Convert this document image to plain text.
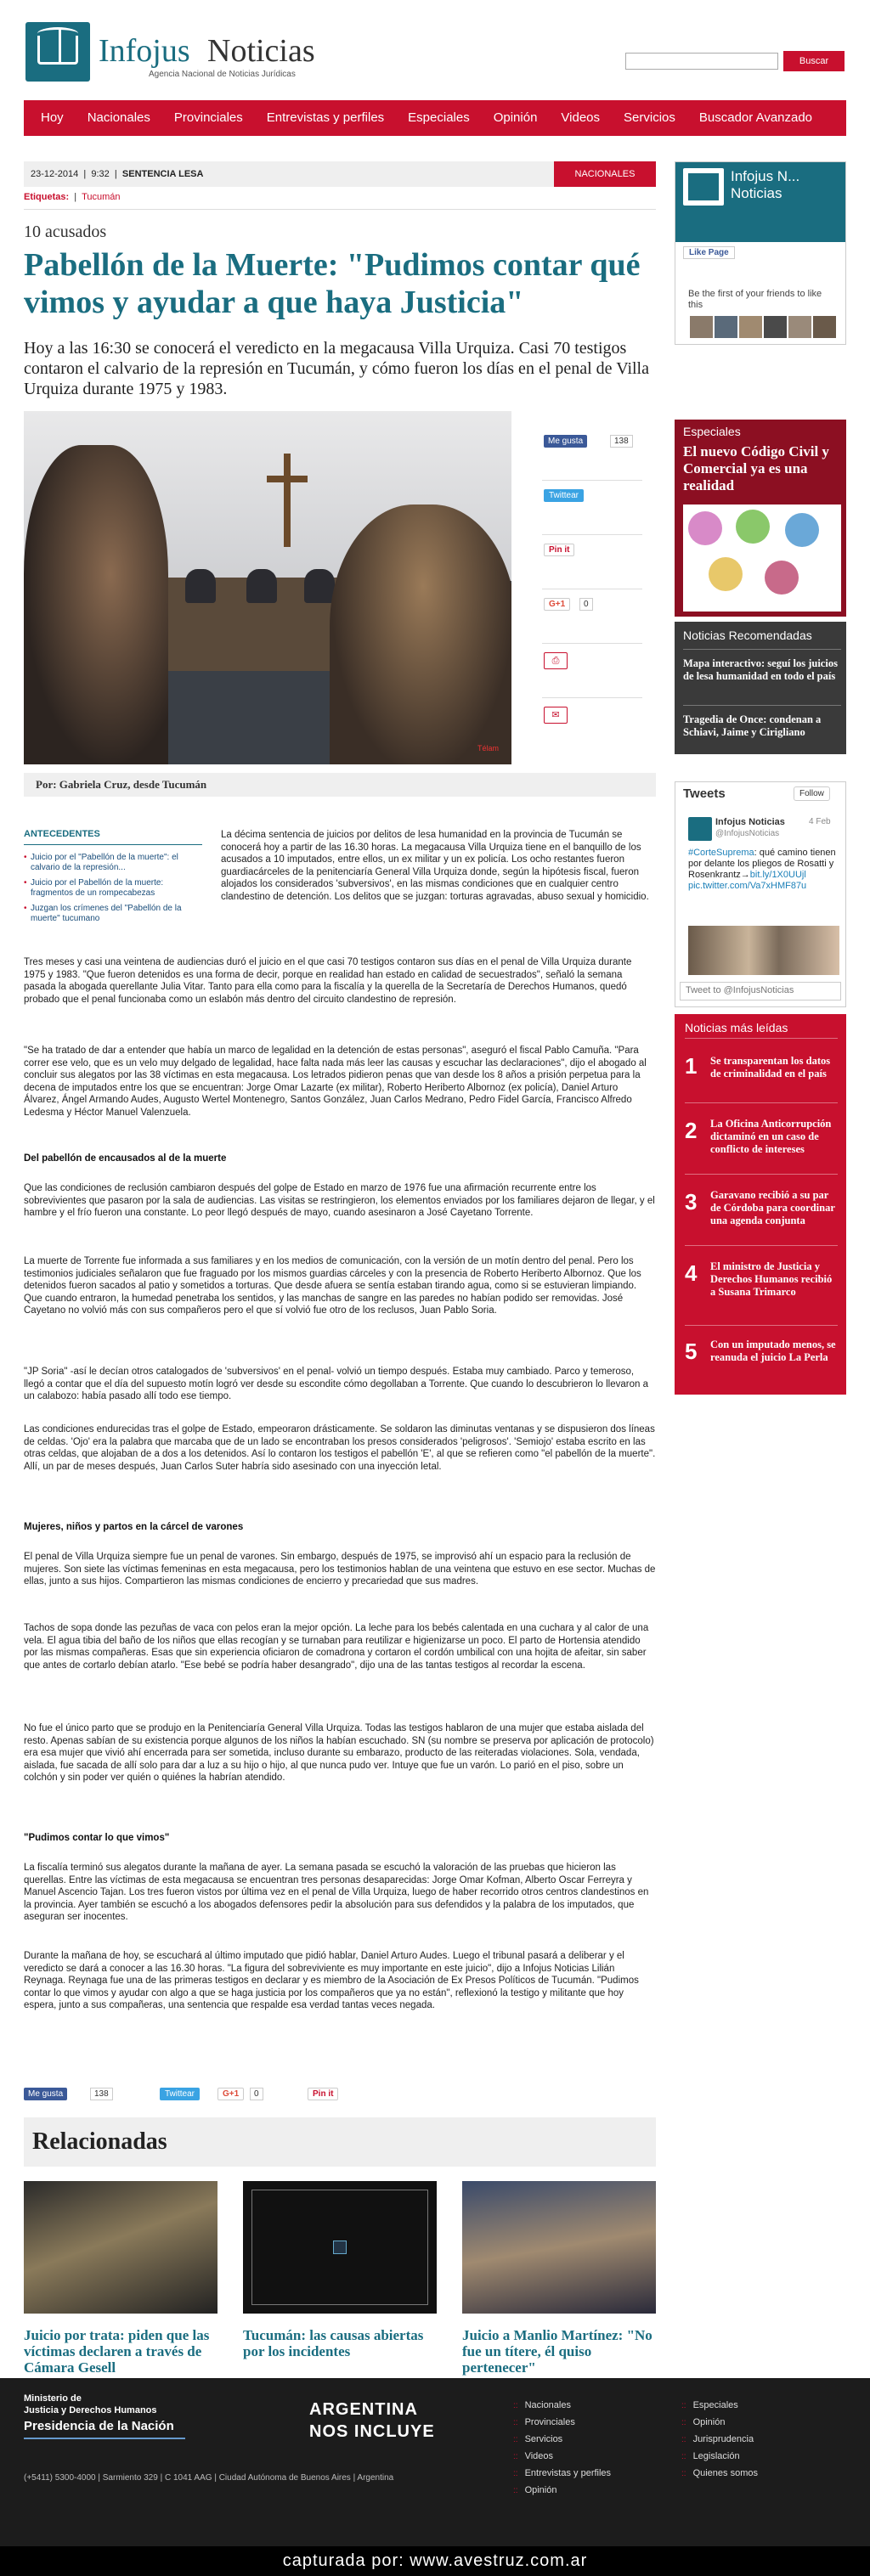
Infojus Noticias
Agencia Nacional de Noticias Jurídicas
Buscar
Hoy	Nacionales	Provinciales	Entrevistas y perfiles	Especiales	Opinión	Videos	Servicios	Buscador Avanzado
23-12-2014  |  9:32  |  SENTENCIA LESA	NACIONALES
Etiquetas:  |  Tucumán
10 acusados
Pabellón de la Muerte: "Pudimos contar qué vimos y ayudar a que haya Justicia"
Hoy a las 16:30 se conocerá el veredicto en la megacausa Villa Urquiza. Casi 70 testigos contaron el calvario de la represión en Tucumán, y cómo fueron los días en el penal de Villa Urquiza durante 1975 y 1983.
Télam
Me gusta	138
Twittear
Pin it
G+1	0
⎙
✉
Por: Gabriela Cruz, desde Tucumán
ANTECEDENTES
• Juicio por el "Pabellón de la muerte": el calvario de la represión...
• Juicio por el Pabellón de la muerte: fragmentos de un rompecabezas
• Juzgan los crímenes del "Pabellón de la muerte" tucumano

La décima sentencia de juicios por delitos de lesa humanidad en la provincia de Tucumán se conocerá hoy a partir de las 16.30 horas. La megacausa Villa Urquiza tiene en el banquillo de los acusados a 10 imputados, entre ellos, un ex militar y un ex policía. Los ocho restantes fueron guardiacárceles de la penitenciaría General Villa Urquiza donde, según la hipótesis fiscal, fueron alojados los considerados 'subversivos', en las mismas condiciones que en cualquier centro clandestino de detención. Los delitos que se juzgan: torturas agravadas, abuso sexual y homicidio.

Tres meses y casi una veintena de audiencias duró el juicio en el que casi 70 testigos contaron sus días en el penal de Villa Urquiza durante 1975 y 1983. "Que fueron detenidos es una forma de decir, porque en realidad han estado en calidad de secuestrados", señaló la semana pasada la abogada querellante Julia Vitar. Tanto para ella como para la fiscalía y la querella de la Secretaría de Derechos Humanos, quedó probado que el penal funcionaba como un eslabón más dentro del circuito clandestino de represión.

"Se ha tratado de dar a entender que había un marco de legalidad en la detención de estas personas", aseguró el fiscal Pablo Camuña. "Para correr ese velo, que es un velo muy delgado de legalidad, hace falta nada más leer las causas y escuchar las declaraciones", dijo el abogado al concluir sus alegatos por las 38 víctimas en esta megacausa. Los letrados pidieron penas que van desde los 8 años a prisión perpetua para la decena de imputados entre los que se encuentran: Jorge Omar Lazarte (ex militar), Roberto Heriberto Albornoz (ex policía), Daniel Arturo Álvarez, Ángel Armando Audes, Augusto Wertel Montenegro, Santos González, Juan Carlos Medrano, Pedro Fidel García, Francisco Alfredo Ledesma y Héctor Manuel Valenzuela.

Del pabellón de encausados al de la muerte

Que las condiciones de reclusión cambiaron después del golpe de Estado en marzo de 1976 fue una afirmación recurrente entre los sobrevivientes que pasaron por la sala de audiencias. Las visitas se restringieron, los elementos enviados por los familiares dejaron de llegar, y el hambre y el frío fueron una constante. Lo peor llegó después de mayo, cuando asesinaron a José Cayetano Torrente.

La muerte de Torrente fue informada a sus familiares y en los medios de comunicación, con la versión de un motín dentro del penal. Pero los testimonios judiciales señalaron que fue fraguado por los mismos guardias cárceles y con la presencia de Roberto Heriberto Albornoz. Que los detenidos fueron sacados al patio y sometidos a torturas. Que desde afuera se sentía estaban tirando agua, como si se estuvieran limpiando. Que cuando entraron, la humedad penetraba los sentidos, y las manchas de sangre en las paredes no habían podido ser removidas. José Cayetano no volvió más con sus compañeros pero el que sí volvió fue otro de los reclusos, Juan Pablo Soria.

"JP Soria" -así le decían otros catalogados de 'subversivos' en el penal- volvió un tiempo después. Estaba muy cambiado. Parco y temeroso, llegó a contar que el día del supuesto motín logró ver desde su escondite cómo degollaban a Torrente. Que cuando lo descubrieron lo llevaron a un calabozo: había pasado allí todo ese tiempo.

Las condiciones endurecidas tras el golpe de Estado, empeoraron drásticamente. Se soldaron las diminutas ventanas y se dispusieron dos líneas de celdas. 'Ojo' era la palabra que marcaba que de un lado se encontraban los presos considerados 'peligrosos'. 'Semiojo' estaba escrito en las otras celdas, que alojaban de a dos a los detenidos. Así lo contaron los testigos el pabellón 'E', al que se refieren como "el pabellón de la muerte". Allí, un par de meses después, Juan Carlos Suter habría sido asesinado con una inyección letal.

Mujeres, niños y partos en la cárcel de varones

El penal de Villa Urquiza siempre fue un penal de varones. Sin embargo, después de 1975, se improvisó ahí un espacio para la reclusión de mujeres. Son siete las víctimas femeninas en esta megacausa, pero los testimonios hablan de una veintena que estuvo en ese sector. Muchas de ellas, junto a sus hijos. Compartieron las mismas condiciones de encierro y precariedad que sus madres.

Tachos de sopa donde las pezuñas de vaca con pelos eran la mejor opción. La leche para los bebés calentada en una cuchara y al calor de una vela. El agua tibia del baño de los niños que ellas recogían y se turnaban para reutilizar e higienizarse un poco. El parto de Hortensia atendido por las mismas compañeras. Esas que sin experiencia oficiaron de comadrona y cortaron el cordón umbilical con una hojita de afeitar, sin saber que antes de cortarlo debían atarlo. "Ese bebé se podría haber desangrado", dijo una de las tantas testigos al recordar la escena.

No fue el único parto que se produjo en la Penitenciaría General Villa Urquiza. Todas las testigos hablaron de una mujer que estaba aislada del resto. Apenas sabían de su existencia porque algunos de los niños la habían escuchado. SN (su nombre se preserva por aplicación de protocolo) era esa mujer que vivió ahí encerrada para ser sometida, incluso durante su embarazo, producto de las reiteradas violaciones. Sola, vendada, aislada, fue sacada de allí solo para dar a luz a su hijo o hijo, al que nunca pudo ver. Intuye que fue un varón. Lo parió en el piso, sobre un colchón y sin poder ver quién o quiénes la habrían atendido.

"Pudimos contar lo que vimos"

La fiscalía terminó sus alegatos durante la mañana de ayer. La semana pasada se escuchó la valoración de las pruebas que hicieron las querellas. Entre las víctimas de esta megacausa se encuentran tres personas desaparecidas: Jorge Omar Kofman, Alberto Oscar Ferreyra y Manuel Ascencio Tajan. Los tres fueron vistos por última vez en el penal de Villa Urquiza, luego de haber recorrido otros centros clandestinos en la provincia. Ayer también se escuchó a los abogados defensores pedir la absolución para sus defendidos y la palabra de los imputados, que aseguran ser inocentes.

Durante la mañana de hoy, se escuchará al último imputado que pidió hablar, Daniel Arturo Audes. Luego el tribunal pasará a deliberar y el veredicto se dará a conocer a las 16.30 horas. "La figura del sobreviviente es muy importante en este juicio", dijo a Infojus Noticias Lilián Reynaga. Reynaga fue una de las primeras testigos en declarar y es miembro de la Asociación de Ex Presos Políticos de Tucumán. "Pudimos contar lo que vimos y ayudar con algo a que se haga justicia por los compañeros que ya no están", reflexionó la testigo y militante que hoy espera, junto a sus compañeras, una sentencia que respalde esa verdad tantas veces negada.

Me gusta	138	Twittear	G+1	0	Pin it
Relacionadas
Juicio por trata: piden que las víctimas declaren a través de Cámara Gesell
Tucumán: las causas abiertas por los incidentes
Juicio a Manlio Martínez: "No fue un títere, él quiso pertenecer"
Ministerio de
Justicia y Derechos Humanos
Presidencia de la Nación
ARGENTINA
NOS INCLUYE
(+5411) 5300-4000 | Sarmiento 329 | C 1041 AAG | Ciudad Autónoma de Buenos Aires | Argentina
:: Nacionales
:: Provinciales
:: Servicios
:: Videos
:: Entrevistas y perfiles
:: Opinión
:: Especiales
:: Opinión
:: Jurisprudencia
:: Legislación
:: Quienes somos
capturada por: www.avestruz.com.ar
Infojus N...
Noticias
Like Page
Be the first of your friends to like this
Especiales
El nuevo Código Civil y Comercial ya es una realidad
Noticias Recomendadas
Mapa interactivo: seguí los juicios de lesa humanidad en todo el país
Tragedia de Once: condenan a Schiavi, Jaime y Cirigliano
Tweets	Follow
Infojus Noticias
@InfojusNoticias
4 Feb
#CorteSuprema: qué camino tienen por delante los pliegos de Rosatti y Rosenkrantz→bit.ly/1X0UUjl pic.twitter.com/Va7xHMF87u
Tweet to @InfojusNoticias
Noticias más leídas
1 Se transparentan los datos de criminalidad en el país
2 La Oficina Anticorrupción dictaminó en un caso de conflicto de intereses
3 Garavano recibió a su par de Córdoba para coordinar una agenda conjunta
4 El ministro de Justicia y Derechos Humanos recibió a Susana Trimarco
5 Con un imputado menos, se reanuda el juicio La Perla
